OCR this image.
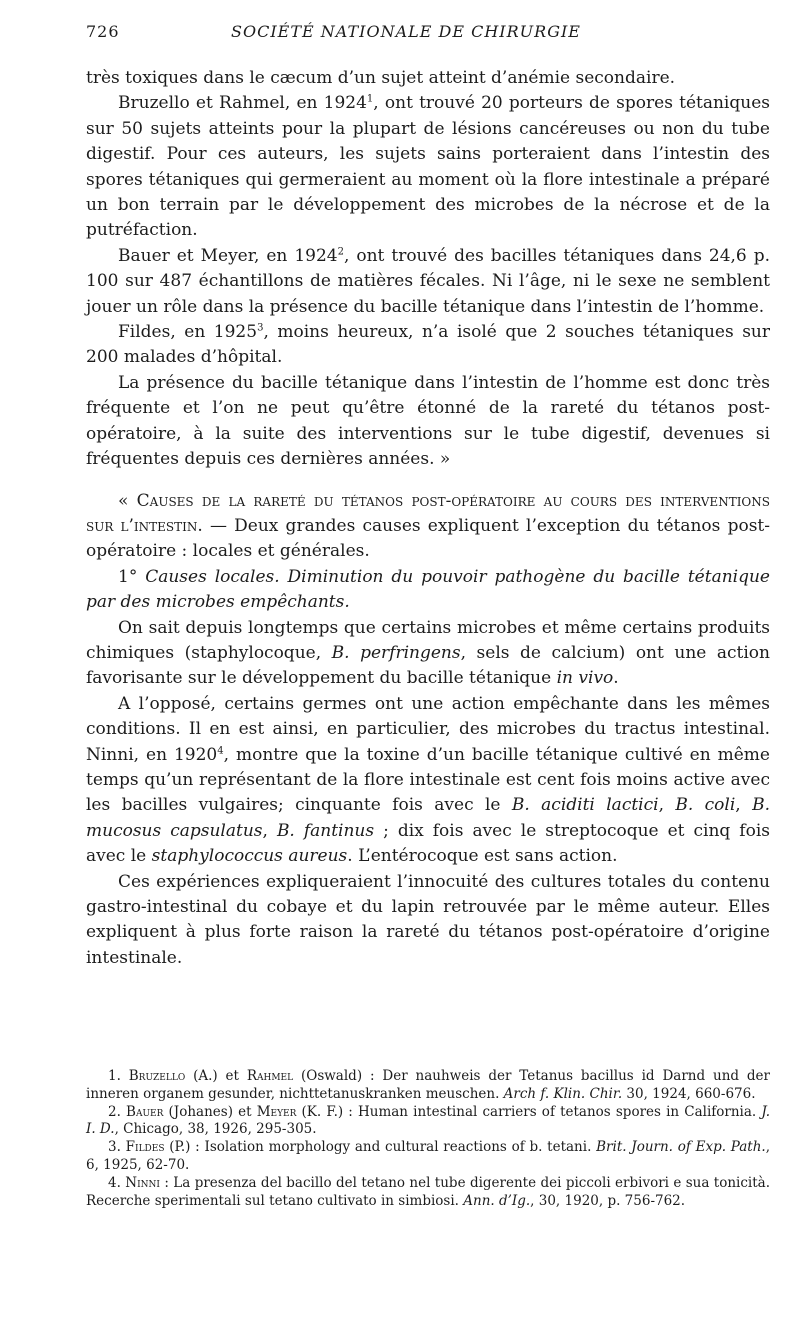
726	SOCIÉTÉ NATIONALE DE CHIRURGIE

très toxiques dans le cæcum d’un sujet atteint d’anémie secondaire.

Bruzello et Rahmel, en 1924$^1$, ont trouvé 20 porteurs de spores tétaniques sur 50 sujets atteints pour la plupart de lésions cancéreuses ou non du tube digestif. Pour ces auteurs, les sujets sains porteraient dans l’intestin des spores tétaniques qui germeraient au moment où la flore intestinale a préparé un bon terrain par le développement des microbes de la nécrose et de la putréfaction.

Bauer et Meyer, en 1924$^2$, ont trouvé des bacilles tétaniques dans 24,6 p. 100 sur 487 échantillons de matières fécales. Ni l’âge, ni le sexe ne semblent jouer un rôle dans la présence du bacille tétanique dans l’intestin de l’homme.

Fildes, en 1925$^3$, moins heureux, n’a isolé que 2 souches tétaniques sur 200 malades d’hôpital.

La présence du bacille tétanique dans l’intestin de l’homme est donc très fréquente et l’on ne peut qu’être étonné de la rareté du tétanos post-opératoire, à la suite des interventions sur le tube digestif, devenues si fréquentes depuis ces dernières années. »

« Causes de la rareté du tétanos post-opératoire au cours des interventions sur l’intestin. — Deux grandes causes expliquent l’exception du tétanos post-opératoire : locales et générales.

1° Causes locales. Diminution du pouvoir pathogène du bacille tétanique par des microbes empêchants.

On sait depuis longtemps que certains microbes et même certains produits chimiques (staphylocoque, B. perfringens, sels de calcium) ont une action favorisante sur le développement du bacille tétanique in vivo.

A l’opposé, certains germes ont une action empêchante dans les mêmes conditions. Il en est ainsi, en particulier, des microbes du tractus intestinal. Ninni, en 1920$^4$, montre que la toxine d’un bacille tétanique cultivé en même temps qu’un représentant de la flore intestinale est cent fois moins active avec les bacilles vulgaires; cinquante fois avec le B. aciditi lactici, B. coli, B. mucosus capsulatus, B. fantinus ; dix fois avec le streptocoque et cinq fois avec le staphylococcus aureus. L’entérocoque est sans action.

Ces expériences expliqueraient l’innocuité des cultures totales du contenu gastro-intestinal du cobaye et du lapin retrouvée par le même auteur. Elles expliquent à plus forte raison la rareté du tétanos post-opératoire d’origine intestinale.

1. Bruzello (A.) et Rahmel (Oswald) : Der nauhweis der Tetanus bacillus id Darnd und der inneren organem gesunder, nichttetanuskranken meuschen. Arch f. Klin. Chir. 30, 1924, 660-676.

2. Bauer (Johanes) et Meyer (K. F.) : Human intestinal carriers of tetanos spores in California. J. I. D., Chicago, 38, 1926, 295-305.

3. Fildes (P.) : Isolation morphology and cultural reactions of b. tetani. Brit. Journ. of Exp. Path., 6, 1925, 62-70.

4. Ninni : La presenza del bacillo del tetano nel tube digerente dei piccoli erbivori e sua tonicità. Recerche sperimentali sul tetano cultivato in simbiosi. Ann. d’Ig., 30, 1920, p. 756-762.
